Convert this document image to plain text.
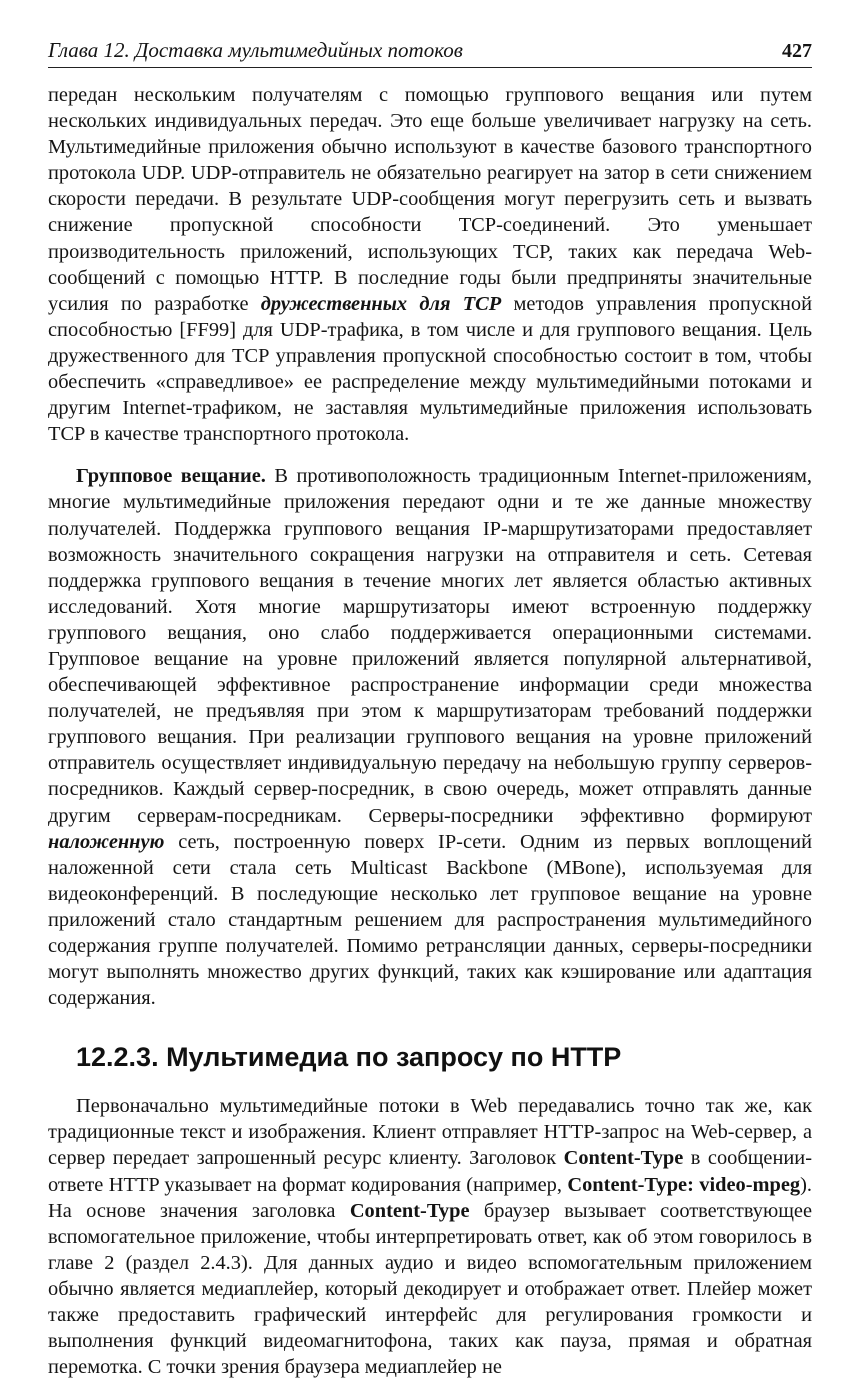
Глава 12. Доставка мультимедийных потоков	427

передан нескольким получателям с помощью группового вещания или путем нескольких индивидуальных передач. Это еще больше увеличивает нагрузку на сеть. Мультимедийные приложения обычно используют в качестве базового транспортного протокола UDP. UDP-отправитель не обязательно реагирует на затор в сети снижением скорости передачи. В результате UDP-сообщения могут перегрузить сеть и вызвать снижение пропускной способности TCP-соединений. Это уменьшает производительность приложений, использующих TCP, таких как передача Web-сообщений с помощью HTTP. В последние годы были предприняты значительные усилия по разработке дружественных для TCP методов управления пропускной способностью [FF99] для UDP-трафика, в том числе и для группового вещания. Цель дружественного для TCP управления пропускной способностью состоит в том, чтобы обеспечить «справедливое» ее распределение между мультимедийными потоками и другим Internet-трафиком, не заставляя мультимедийные приложения использовать TCP в качестве транспортного протокола.

Групповое вещание. В противоположность традиционным Internet-приложениям, многие мультимедийные приложения передают одни и те же данные множеству получателей. Поддержка группового вещания IP-маршрутизаторами предоставляет возможность значительного сокращения нагрузки на отправителя и сеть. Сетевая поддержка группового вещания в течение многих лет является областью активных исследований. Хотя многие маршрутизаторы имеют встроенную поддержку группового вещания, оно слабо поддерживается операционными системами. Групповое вещание на уровне приложений является популярной альтернативой, обеспечивающей эффективное распространение информации среди множества получателей, не предъявляя при этом к маршрутизаторам требований поддержки группового вещания. При реализации группового вещания на уровне приложений отправитель осуществляет индивидуальную передачу на небольшую группу серверов-посредников. Каждый сервер-посредник, в свою очередь, может отправлять данные другим серверам-посредникам. Серверы-посредники эффективно формируют наложенную сеть, построенную поверх IP-сети. Одним из первых воплощений наложенной сети стала сеть Multicast Backbone (MBone), используемая для видеоконференций. В последующие несколько лет групповое вещание на уровне приложений стало стандартным решением для распространения мультимедийного содержания группе получателей. Помимо ретрансляции данных, серверы-посредники могут выполнять множество других функций, таких как кэширование или адаптация содержания.

12.2.3. Мультимедиа по запросу по HTTP

Первоначально мультимедийные потоки в Web передавались точно так же, как традиционные текст и изображения. Клиент отправляет HTTP-запрос на Web-сервер, а сервер передает запрошенный ресурс клиенту. Заголовок Content-Type в сообщении-ответе HTTP указывает на формат кодирования (например, Content-Type: video-mpeg). На основе значения заголовка Content-Type браузер вызывает соответствующее вспомогательное приложение, чтобы интерпретировать ответ, как об этом говорилось в главе 2 (раздел 2.4.3). Для данных аудио и видео вспомогательным приложением обычно является медиаплейер, который декодирует и отображает ответ. Плейер может также предоставить графический интерфейс для регулирования громкости и выполнения функций видеомагнитофона, таких как пауза, прямая и обратная перемотка. С точки зрения браузера медиаплейер не
